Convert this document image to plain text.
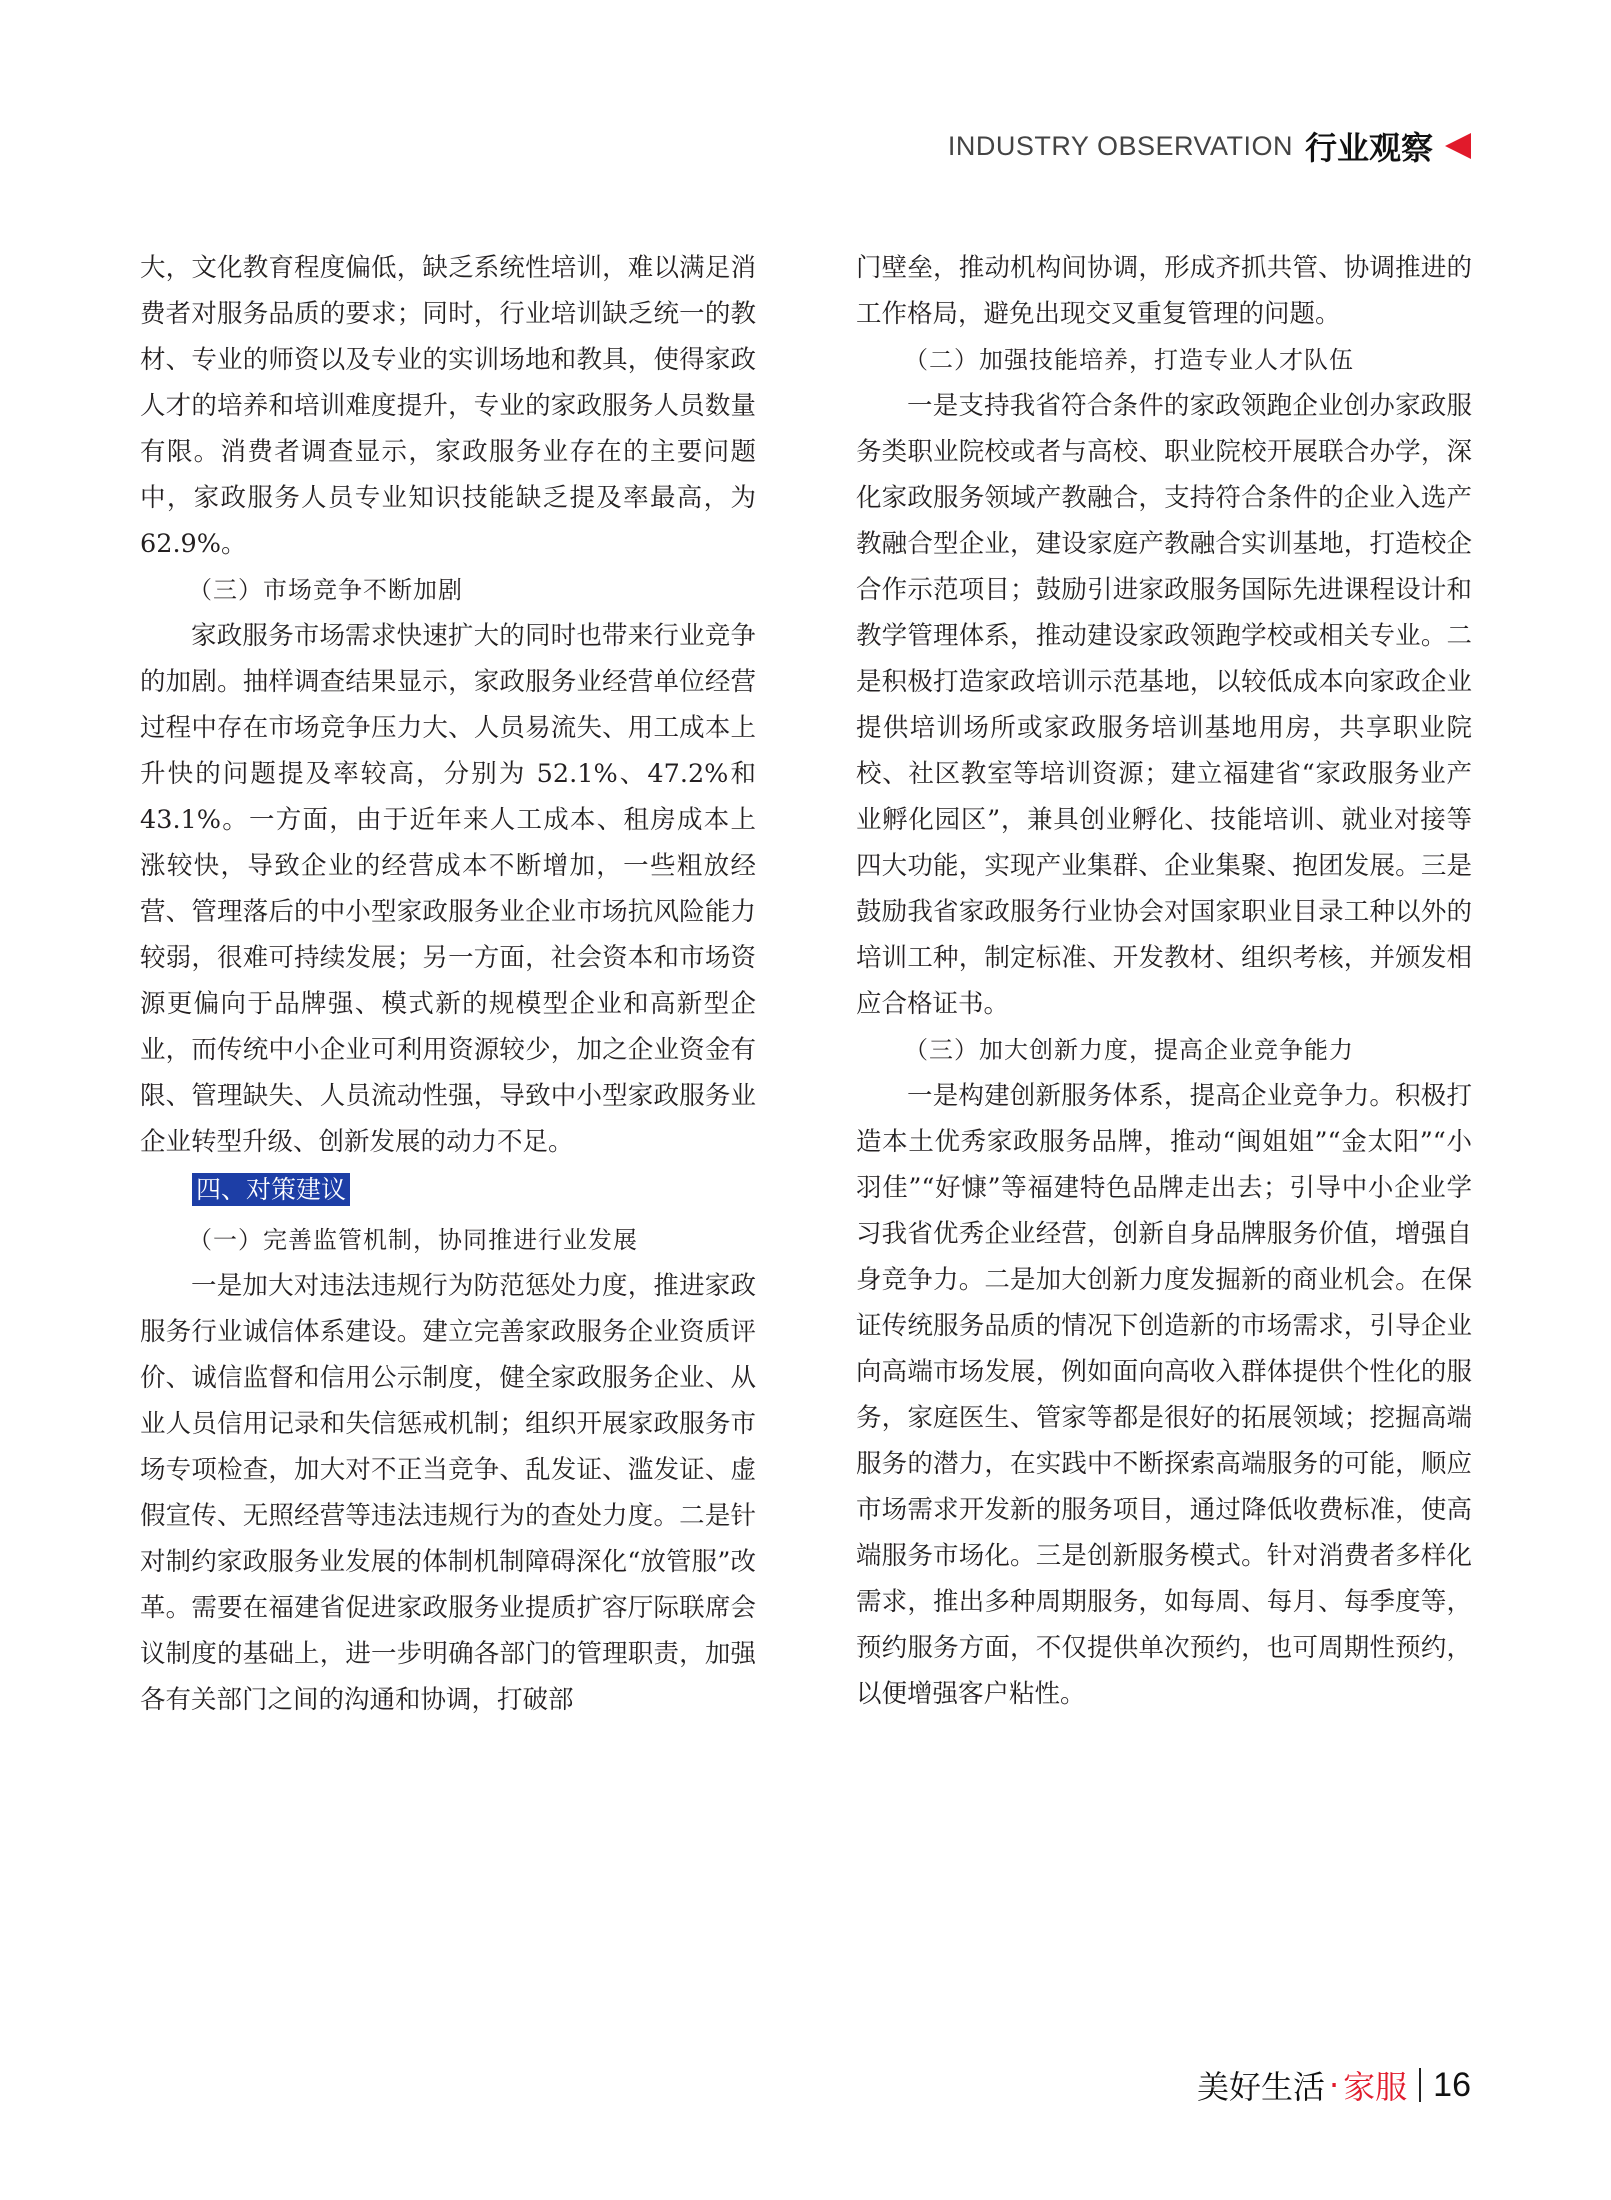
INDUSTRY OBSERVATION 行业观察

大，文化教育程度偏低，缺乏系统性培训，难以满足消费者对服务品质的要求；同时，行业培训缺乏统一的教材、专业的师资以及专业的实训场地和教具，使得家政人才的培养和培训难度提升，专业的家政服务人员数量有限。消费者调查显示，家政服务业存在的主要问题中，家政服务人员专业知识技能缺乏提及率最高，为 62.9%。

（三）市场竞争不断加剧

家政服务市场需求快速扩大的同时也带来行业竞争的加剧。抽样调查结果显示，家政服务业经营单位经营过程中存在市场竞争压力大、人员易流失、用工成本上升快的问题提及率较高，分别为 52.1%、47.2%和 43.1%。一方面，由于近年来人工成本、租房成本上涨较快，导致企业的经营成本不断增加，一些粗放经营、管理落后的中小型家政服务业企业市场抗风险能力较弱，很难可持续发展；另一方面，社会资本和市场资源更偏向于品牌强、模式新的规模型企业和高新型企业，而传统中小企业可利用资源较少，加之企业资金有限、管理缺失、人员流动性强，导致中小型家政服务业企业转型升级、创新发展的动力不足。

四、对策建议

（一）完善监管机制，协同推进行业发展

一是加大对违法违规行为防范惩处力度，推进家政服务行业诚信体系建设。建立完善家政服务企业资质评价、诚信监督和信用公示制度，健全家政服务企业、从业人员信用记录和失信惩戒机制；组织开展家政服务市场专项检查，加大对不正当竞争、乱发证、滥发证、虚假宣传、无照经营等违法违规行为的查处力度。二是针对制约家政服务业发展的体制机制障碍深化“放管服”改革。需要在福建省促进家政服务业提质扩容厅际联席会议制度的基础上，进一步明确各部门的管理职责，加强各有关部门之间的沟通和协调，打破部

门壁垒，推动机构间协调，形成齐抓共管、协调推进的工作格局，避免出现交叉重复管理的问题。

（二）加强技能培养，打造专业人才队伍

一是支持我省符合条件的家政领跑企业创办家政服务类职业院校或者与高校、职业院校开展联合办学，深化家政服务领域产教融合，支持符合条件的企业入选产教融合型企业，建设家庭产教融合实训基地，打造校企合作示范项目；鼓励引进家政服务国际先进课程设计和教学管理体系，推动建设家政领跑学校或相关专业。二是积极打造家政培训示范基地，以较低成本向家政企业提供培训场所或家政服务培训基地用房，共享职业院校、社区教室等培训资源；建立福建省“家政服务业产业孵化园区”，兼具创业孵化、技能培训、就业对接等四大功能，实现产业集群、企业集聚、抱团发展。三是鼓励我省家政服务行业协会对国家职业目录工种以外的培训工种，制定标准、开发教材、组织考核，并颁发相应合格证书。

（三）加大创新力度，提高企业竞争能力

一是构建创新服务体系，提高企业竞争力。积极打造本土优秀家政服务品牌，推动“闽姐姐”“金太阳”“小羽佳”“好慷”等福建特色品牌走出去；引导中小企业学习我省优秀企业经营，创新自身品牌服务价值，增强自身竞争力。二是加大创新力度发掘新的商业机会。在保证传统服务品质的情况下创造新的市场需求，引导企业向高端市场发展，例如面向高收入群体提供个性化的服务，家庭医生、管家等都是很好的拓展领域；挖掘高端服务的潜力，在实践中不断探索高端服务的可能，顺应市场需求开发新的服务项目，通过降低收费标准，使高端服务市场化。三是创新服务模式。针对消费者多样化需求，推出多种周期服务，如每周、每月、每季度等，预约服务方面，不仅提供单次预约，也可周期性预约，以便增强客户粘性。

美好生活 · 家服 16
